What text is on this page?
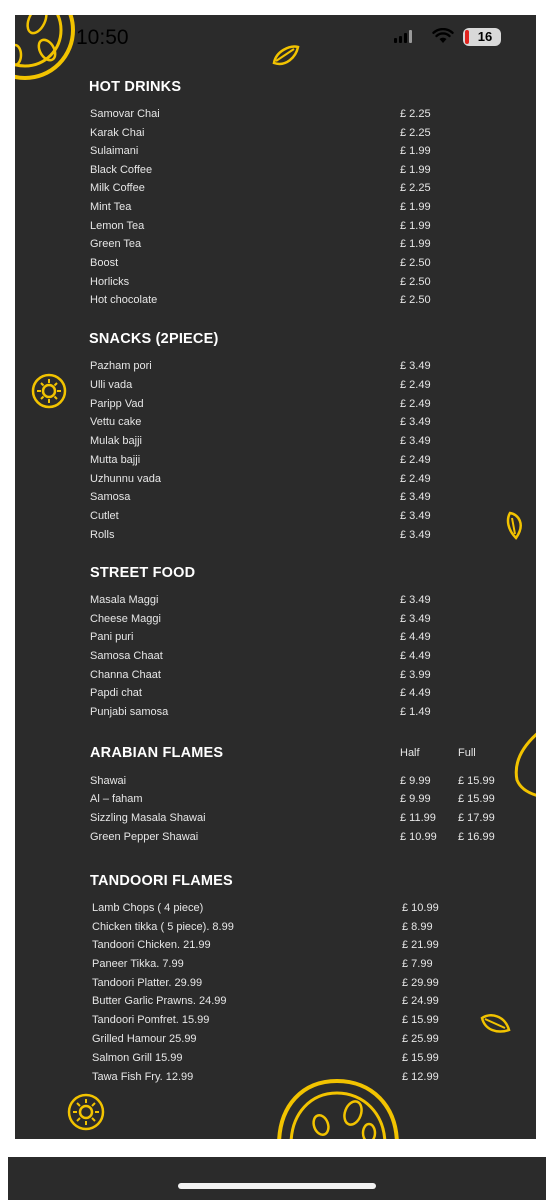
10:50	16
HOT DRINKS
Samovar Chai	£ 2.25
Karak Chai	£ 2.25
Sulaimani	£ 1.99
Black Coffee	£ 1.99
Milk Coffee	£ 2.25
Mint Tea	£ 1.99
Lemon Tea	£ 1.99
Green Tea	£ 1.99
Boost	£ 2.50
Horlicks	£ 2.50
Hot chocolate	£ 2.50
SNACKS (2PIECE)
Pazham pori	£ 3.49
Ulli vada	£ 2.49
Paripp Vad	£ 2.49
Vettu cake	£ 3.49
Mulak bajji	£ 3.49
Mutta bajji	£ 2.49
Uzhunnu vada	£ 2.49
Samosa	£ 3.49
Cutlet	£ 3.49
Rolls	£ 3.49
STREET FOOD
Masala Maggi	£ 3.49
Cheese Maggi	£ 3.49
Pani puri	£ 4.49
Samosa Chaat	£ 4.49
Channa Chaat	£ 3.99
Papdi chat	£ 4.49
Punjabi samosa	£ 1.49
ARABIAN FLAMES	Half	Full
Shawai	£ 9.99 £ 15.99
Al – faham	£ 9.99 £ 15.99
Sizzling Masala Shawai	£ 11.99 £ 17.99
Green Pepper Shawai	£ 10.99 £ 16.99
TANDOORI FLAMES
Lamb Chops ( 4 piece)	£ 10.99
Chicken tikka ( 5 piece). 8.99	£ 8.99
Tandoori Chicken. 21.99	£ 21.99
Paneer Tikka. 7.99	£ 7.99
Tandoori Platter. 29.99	£ 29.99
Butter Garlic Prawns. 24.99	£ 24.99
Tandoori Pomfret. 15.99	£ 15.99
Grilled Hamour 25.99	£ 25.99
Salmon Grill 15.99	£ 15.99
Tawa Fish Fry. 12.99	£ 12.99
